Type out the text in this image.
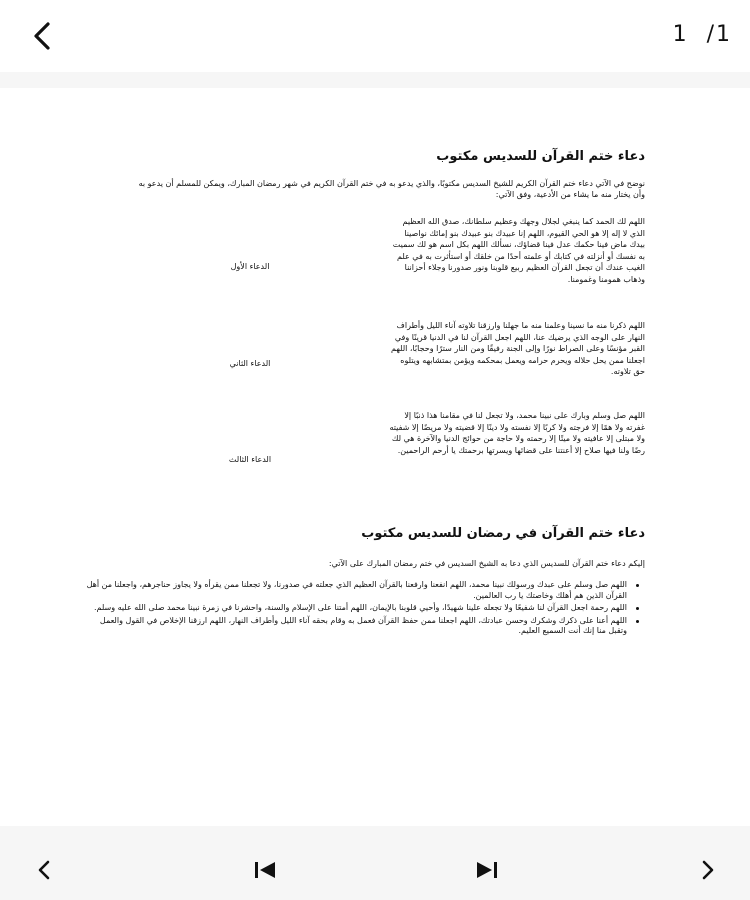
1 /1
دعاء ختم القرآن للسديس مكتوب

نوضح في الآتي دعاء ختم القرآن الكريم للشيخ السديس مكتوبًا، والذي يدعو به في ختم القرآن الكريم في شهر رمضان المبارك، ويمكن للمسلم أن يدعو به وأن يختار منه ما يشاء من الأدعية، وفق الآتي:

اللهم لك الحمد كما ينبغي لجلال وجهك وعظيم سلطانك، صدق الله العظيم الذي لا إله إلا هو الحي القيوم، اللهم إنا عبيدك بنو عبيدك بنو إمائك نواصينا بيدك ماض فينا حكمك عدل فينا قضاؤك، نسألك اللهم بكل اسم هو لك سميت به نفسك أو أنزلته في كتابك أو علمته أحدًا من خلقك أو استأثرت به في علم الغيب عندك أن تجعل القرآن العظيم ربيع قلوبنا ونور صدورنا وجلاء أحزاننا وذهاب همومنا وغمومنا.

الدعاء الأول

اللهم ذكرنا منه ما نسينا وعلمنا منه ما جهلنا وارزقنا تلاوته آناء الليل وأطراف النهار على الوجه الذي يرضيك عنا، اللهم اجعل القرآن لنا في الدنيا قرينًا وفي القبر مؤنسًا وعلى الصراط نورًا وإلى الجنة رفيقًا ومن النار سترًا وحجابًا، اللهم اجعلنا ممن يحل حلاله ويحرم حرامه ويعمل بمحكمه ويؤمن بمتشابهه ويتلوه حق تلاوته.

الدعاء الثاني

اللهم صل وسلم وبارك على نبينا محمد، ولا تجعل لنا في مقامنا هذا ذنبًا إلا غفرته ولا همًا إلا فرجته ولا كربًا إلا نفسته ولا دينًا إلا قضيته ولا مريضًا إلا شفيته ولا مبتلى إلا عافيته ولا ميتًا إلا رحمته ولا حاجة من حوائج الدنيا والآخرة هي لك رضًا ولنا فيها صلاح إلا أعنتنا على قضائها ويسرتها برحمتك يا أرحم الراحمين.

الدعاء الثالث

دعاء ختم القرآن في رمضان للسديس مكتوب

إليكم دعاء ختم القرآن للسديس الذي دعا به الشيخ السديس في ختم رمضان المبارك على الآتي:

اللهم صل وسلم على عبدك ورسولك نبينا محمد، اللهم انفعنا وارفعنا بالقرآن العظيم الذي جعلته في صدورنا، ولا تجعلنا ممن يقرأه ولا يجاوز حناجرهم، واجعلنا من أهل القرآن الذين هم أهلك وخاصتك يا رب العالمين.
اللهم رحمة اجعل القرآن لنا شفيعًا ولا تجعله علينا شهيدًا، وأحيي قلوبنا بالإيمان، اللهم أمتنا على الإسلام والسنة، واحشرنا في زمرة نبينا محمد صلى الله عليه وسلم.
اللهم أعنا على ذكرك وشكرك وحسن عبادتك، اللهم اجعلنا ممن حفظ القرآن فعمل به وقام بحقه آناء الليل وأطراف النهار، اللهم ارزقنا الإخلاص في القول والعمل وتقبل منا إنك أنت السميع العليم.
